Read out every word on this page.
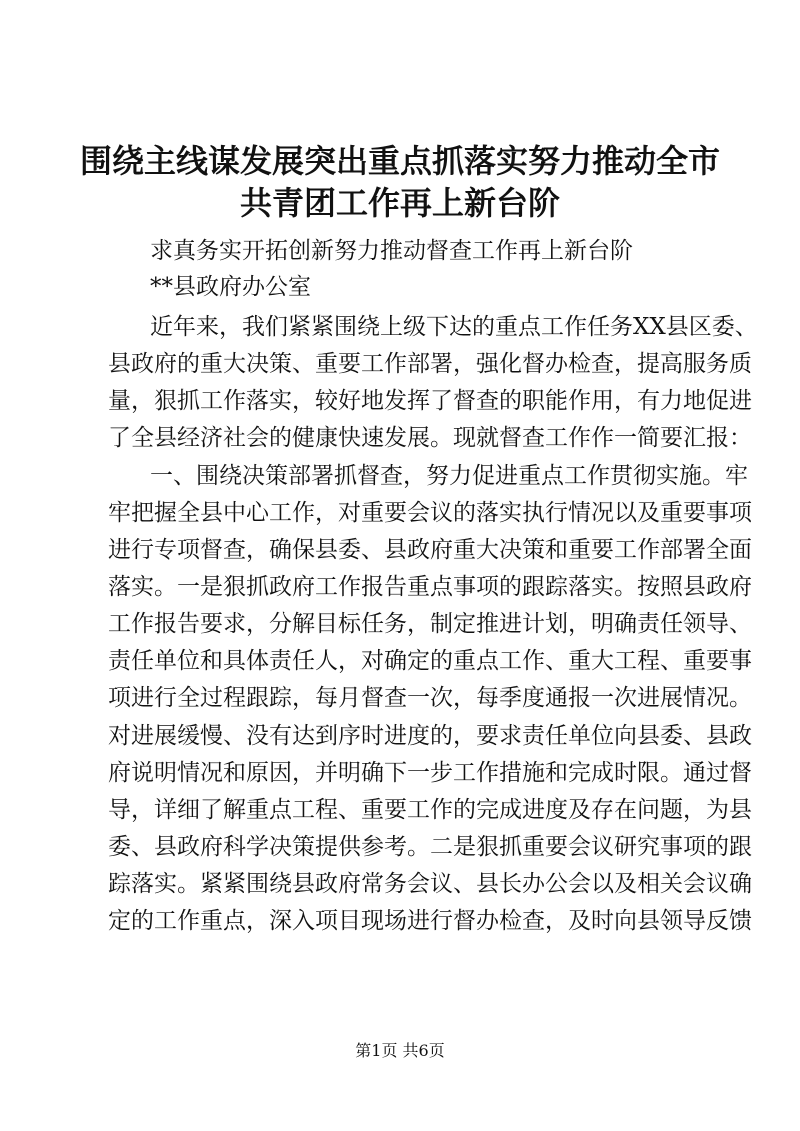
围绕主线谋发展突出重点抓落实努力推动全市
共青团工作再上新台阶
求真务实开拓创新努力推动督查工作再上新台阶
**县政府办公室
近年来，我们紧紧围绕上级下达的重点工作任务XX县区委、
县政府的重大决策、重要工作部署，强化督办检查，提高服务质
量，狠抓工作落实，较好地发挥了督查的职能作用，有力地促进
了全县经济社会的健康快速发展。现就督查工作作一简要汇报：
一、围绕决策部署抓督查，努力促进重点工作贯彻实施。牢
牢把握全县中心工作，对重要会议的落实执行情况以及重要事项
进行专项督查，确保县委、县政府重大决策和重要工作部署全面
落实。一是狠抓政府工作报告重点事项的跟踪落实。按照县政府
工作报告要求，分解目标任务，制定推进计划，明确责任领导、
责任单位和具体责任人，对确定的重点工作、重大工程、重要事
项进行全过程跟踪，每月督查一次，每季度通报一次进展情况。
对进展缓慢、没有达到序时进度的，要求责任单位向县委、县政
府说明情况和原因，并明确下一步工作措施和完成时限。通过督
导，详细了解重点工程、重要工作的完成进度及存在问题，为县
委、县政府科学决策提供参考。二是狠抓重要会议研究事项的跟
踪落实。紧紧围绕县政府常务会议、县长办公会以及相关会议确
定的工作重点，深入项目现场进行督办检查，及时向县领导反馈
第1页 共6页
